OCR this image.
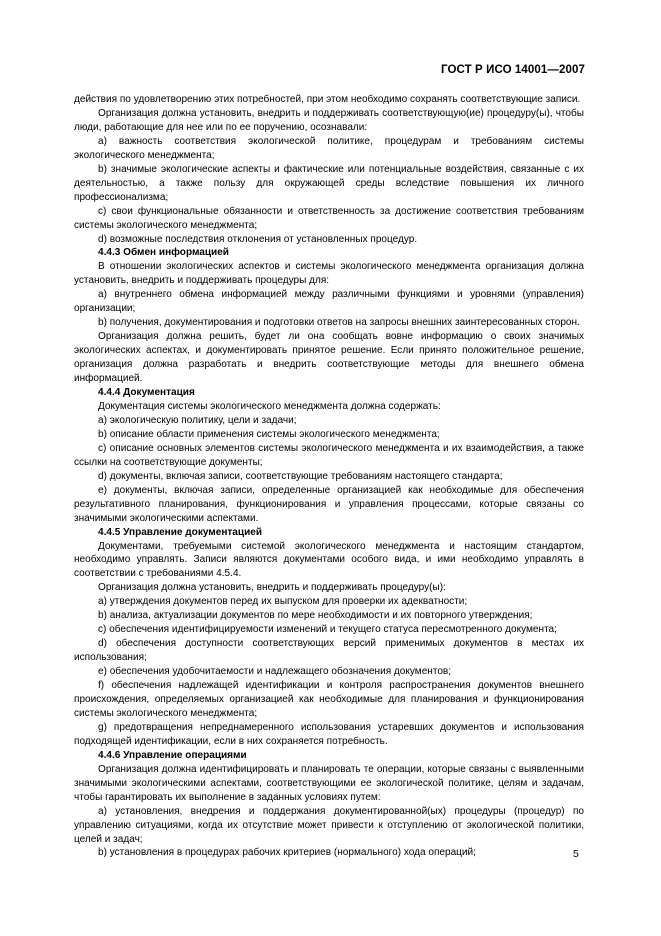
ГОСТ Р ИСО 14001—2007

действия по удовлетворению этих потребностей, при этом необходимо сохранять соответствующие записи.

Организация должна установить, внедрить и поддерживать соответствующую(ие) процедуру(ы), чтобы люди, работающие для нее или по ее поручению, осознавали:

a) важность соответствия экологической политике, процедурам и требованиям системы экологического менеджмента;

b) значимые экологические аспекты и фактические или потенциальные воздействия, связанные с их деятельностью, а также пользу для окружающей среды вследствие повышения их личного профессионализма;

c) свои функциональные обязанности и ответственность за достижение соответствия требованиям системы экологического менеджмента;

d) возможные последствия отклонения от установленных процедур.

4.4.3 Обмен информацией

В отношении экологических аспектов и системы экологического менеджмента организация должна установить, внедрить и поддерживать процедуры для:

a) внутреннего обмена информацией между различными функциями и уровнями (управления) организации;

b) получения, документирования и подготовки ответов на запросы внешних заинтересованных сторон.

Организация должна решить, будет ли она сообщать вовне информацию о своих значимых экологических аспектах, и документировать принятое решение. Если принято положительное решение, организация должна разработать и внедрить соответствующие методы для внешнего обмена информацией.

4.4.4 Документация

Документация системы экологического менеджмента должна содержать:

a) экологическую политику, цели и задачи;

b) описание области применения системы экологического менеджмента;

c) описание основных элементов системы экологического менеджмента и их взаимодействия, а также ссылки на соответствующие документы;

d) документы, включая записи, соответствующие требованиям настоящего стандарта;

e) документы, включая записи, определенные организацией как необходимые для обеспечения результативного планирования, функционирования и управления процессами, которые связаны со значимыми экологическими аспектами.

4.4.5 Управление документацией

Документами, требуемыми системой экологического менеджмента и настоящим стандартом, необходимо управлять. Записи являются документами особого вида, и ими необходимо управлять в соответствии с требованиями 4.5.4.

Организация должна установить, внедрить и поддерживать процедуру(ы):

a) утверждения документов перед их выпуском для проверки их адекватности;

b) анализа, актуализации документов по мере необходимости и их повторного утверждения;

c) обеспечения идентифицируемости изменений и текущего статуса пересмотренного документа;

d) обеспечения доступности соответствующих версий применимых документов в местах их использования;

e) обеспечения удобочитаемости и надлежащего обозначения документов;

f) обеспечения надлежащей идентификации и контроля распространения документов внешнего происхождения, определяемых организацией как необходимые для планирования и функционирования системы экологического менеджмента;

g) предотвращения непреднамеренного использования устаревших документов и использования подходящей идентификации, если в них сохраняется потребность.

4.4.6 Управление операциями

Организация должна идентифицировать и планировать те операции, которые связаны с выявленными значимыми экологическими аспектами, соответствующими ее экологической политике, целям и задачам, чтобы гарантировать их выполнение в заданных условиях путем:

a) установления, внедрения и поддержания документированной(ых) процедуры (процедур) по управлению ситуациями, когда их отсутствие может привести к отступлению от экологической политики, целей и задач;

b) установления в процедурах рабочих критериев (нормального) хода операций;	5
